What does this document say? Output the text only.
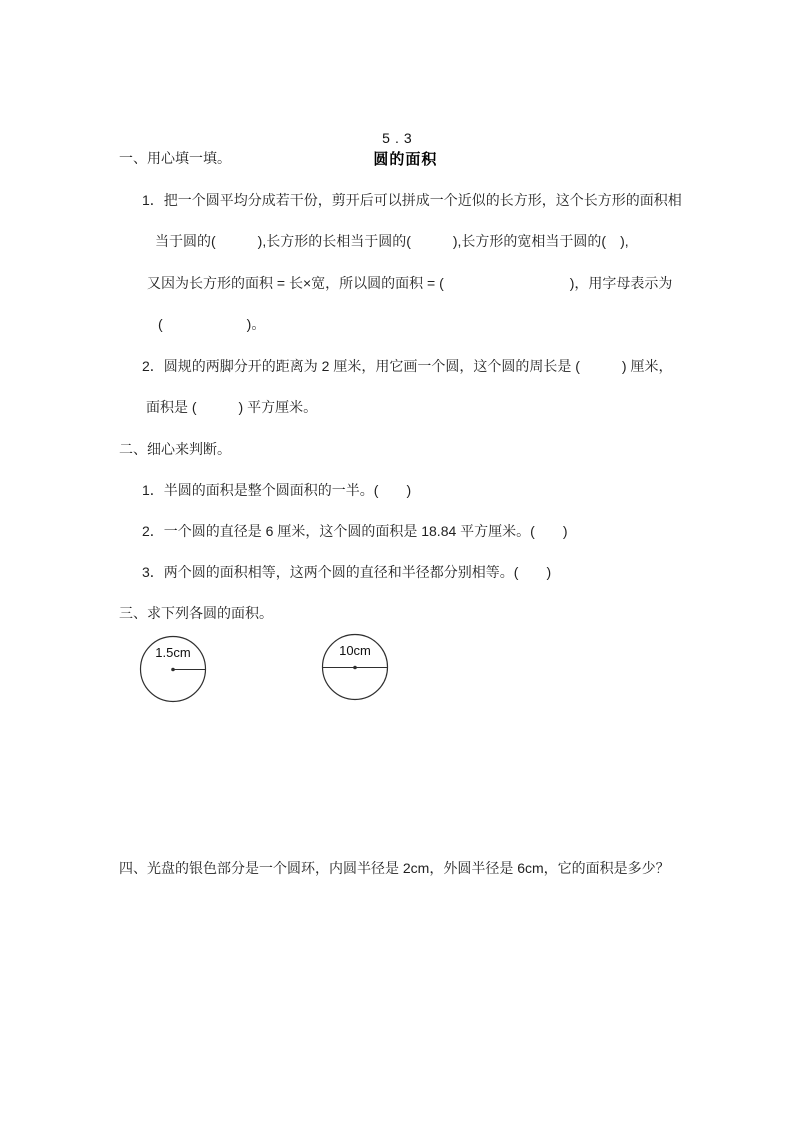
5.3
圆的面积

一、用心填一填。
1．把一个圆平均分成若干份，剪开后可以拼成一个近似的长方形，这个长方形的面积相
当于圆的(　　　),长方形的长相当于圆的(　　　),长方形的宽相当于圆的(　),
又因为长方形的面积 = 长×宽，所以圆的面积 = (　　　　　　　　　)，用字母表示为
(　　　　　　)。
2．圆规的两脚分开的距离为 2 厘米，用它画一个圆，这个圆的周长是 (　　　) 厘米，
面积是 (　　　) 平方厘米。
二、细心来判断。
1．半圆的面积是整个圆面积的一半。(　　)
2．一个圆的直径是 6 厘米，这个圆的面积是 18.84 平方厘米。(　　)
3．两个圆的面积相等，这两个圆的直径和半径都分别相等。(　　)
三、求下列各圆的面积。
1.5cm	10cm
四、光盘的银色部分是一个圆环，内圆半径是 2cm，外圆半径是 6cm，它的面积是多少？
